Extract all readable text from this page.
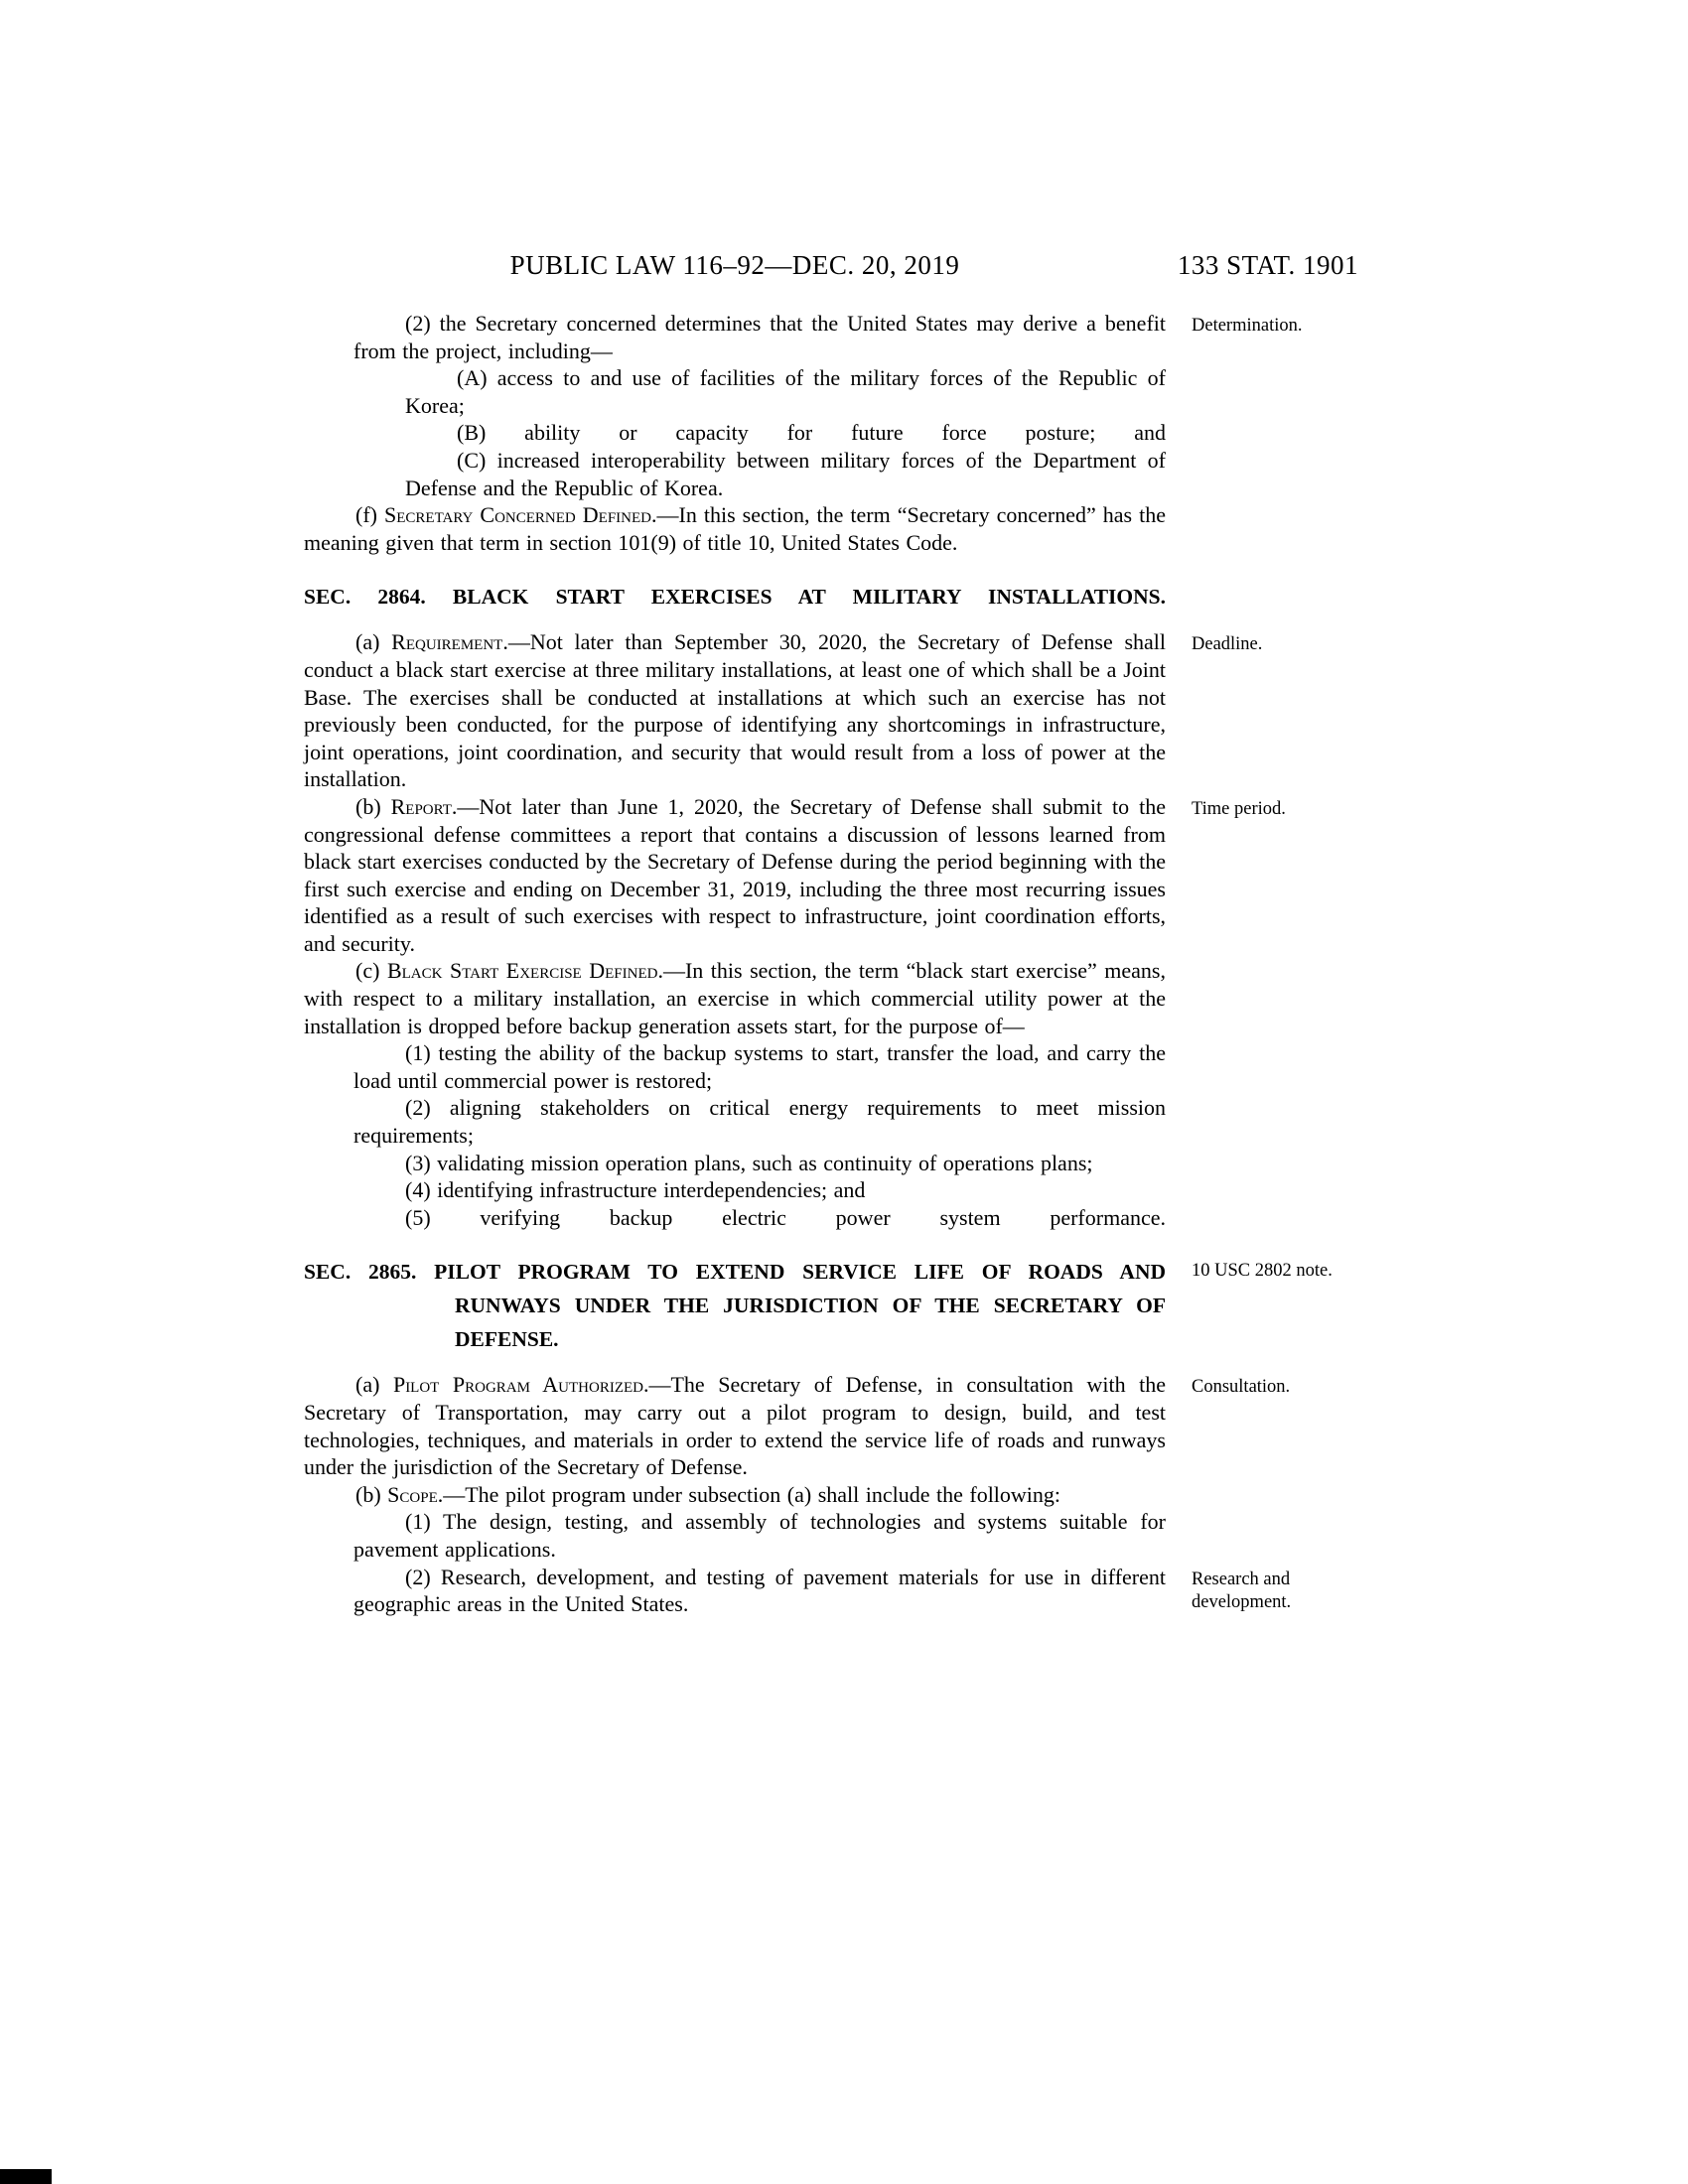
PUBLIC LAW 116–92—DEC. 20, 2019	133 STAT. 1901
(2) the Secretary concerned determines that the United States may derive a benefit from the project, including—
Determination.
(A) access to and use of facilities of the military forces of the Republic of Korea;
(B) ability or capacity for future force posture; and
(C) increased interoperability between military forces of the Department of Defense and the Republic of Korea.
(f) Secretary Concerned Defined.—In this section, the term “Secretary concerned” has the meaning given that term in section 101(9) of title 10, United States Code.
SEC. 2864. BLACK START EXERCISES AT MILITARY INSTALLATIONS.
(a) Requirement.—Not later than September 30, 2020, the Secretary of Defense shall conduct a black start exercise at three military installations, at least one of which shall be a Joint Base. The exercises shall be conducted at installations at which such an exercise has not previously been conducted, for the purpose of identifying any shortcomings in infrastructure, joint operations, joint coordination, and security that would result from a loss of power at the installation.
Deadline.
(b) Report.—Not later than June 1, 2020, the Secretary of Defense shall submit to the congressional defense committees a report that contains a discussion of lessons learned from black start exercises conducted by the Secretary of Defense during the period beginning with the first such exercise and ending on December 31, 2019, including the three most recurring issues identified as a result of such exercises with respect to infrastructure, joint coordination efforts, and security.
Time period.
(c) Black Start Exercise Defined.—In this section, the term “black start exercise” means, with respect to a military installation, an exercise in which commercial utility power at the installation is dropped before backup generation assets start, for the purpose of—
(1) testing the ability of the backup systems to start, transfer the load, and carry the load until commercial power is restored;
(2) aligning stakeholders on critical energy requirements to meet mission requirements;
(3) validating mission operation plans, such as continuity of operations plans;
(4) identifying infrastructure interdependencies; and
(5) verifying backup electric power system performance.
SEC. 2865. PILOT PROGRAM TO EXTEND SERVICE LIFE OF ROADS AND RUNWAYS UNDER THE JURISDICTION OF THE SECRETARY OF DEFENSE.
10 USC 2802 note.
(a) Pilot Program Authorized.—The Secretary of Defense, in consultation with the Secretary of Transportation, may carry out a pilot program to design, build, and test technologies, techniques, and materials in order to extend the service life of roads and runways under the jurisdiction of the Secretary of Defense.
Consultation.
(b) Scope.—The pilot program under subsection (a) shall include the following:
(1) The design, testing, and assembly of technologies and systems suitable for pavement applications.
(2) Research, development, and testing of pavement materials for use in different geographic areas in the United States.
Research and development.
